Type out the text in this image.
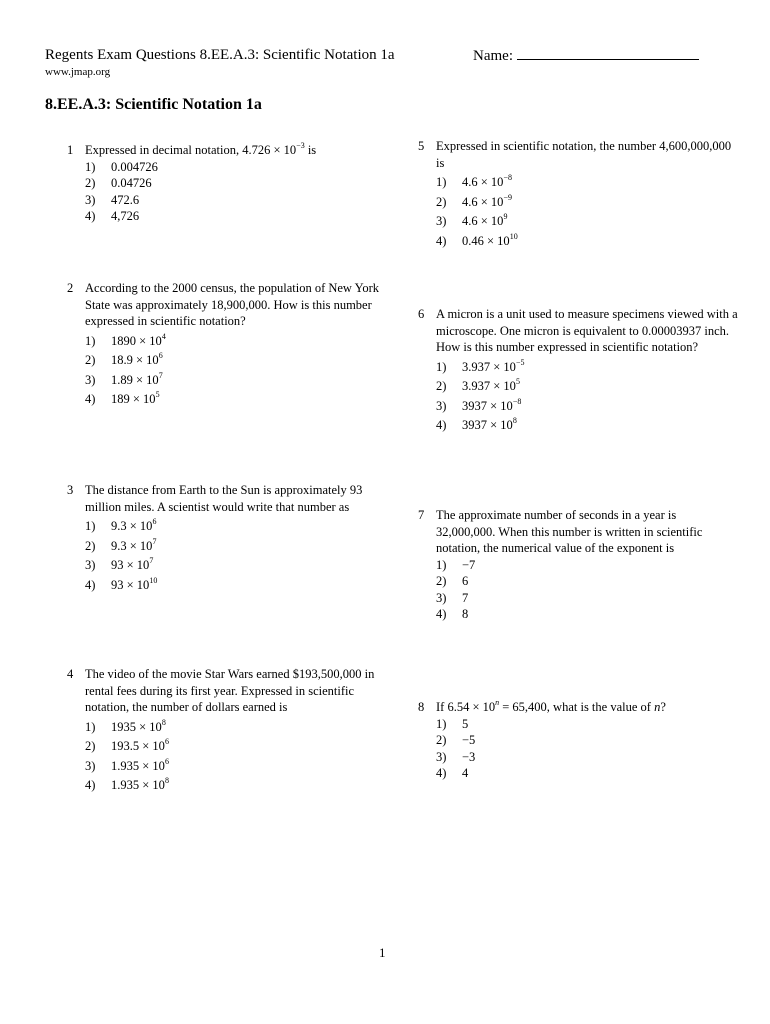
Regents Exam Questions 8.EE.A.3: Scientific Notation 1a
www.jmap.org
Name:
8.EE.A.3: Scientific Notation 1a
1 Expressed in decimal notation, $4.726 \times 10^{-3}$ is
1)	0.004726
2)	0.04726
3)	472.6
4)	4,726
2 According to the 2000 census, the population of New York State was approximately 18,900,000. How is this number expressed in scientific notation?
1)	$1890 \times 10^4$
2)	$18.9 \times 10^6$
3)	$1.89 \times 10^7$
4)	$189 \times 10^5$
3 The distance from Earth to the Sun is approximately 93 million miles. A scientist would write that number as
1)	$9.3 \times 10^6$
2)	$9.3 \times 10^7$
3)	$93 \times 10^7$
4)	$93 \times 10^{10}$
4 The video of the movie Star Wars earned $193,500,000 in rental fees during its first year. Expressed in scientific notation, the number of dollars earned is
1)	$1935 \times 10^8$
2)	$193.5 \times 10^6$
3)	$1.935 \times 10^6$
4)	$1.935 \times 10^8$
5 Expressed in scientific notation, the number 4,600,000,000 is
1)	$4.6 \times 10^{-8}$
2)	$4.6 \times 10^{-9}$
3)	$4.6 \times 10^9$
4)	$0.46 \times 10^{10}$
6 A micron is a unit used to measure specimens viewed with a microscope. One micron is equivalent to 0.00003937 inch. How is this number expressed in scientific notation?
1)	$3.937 \times 10^{-5}$
2)	$3.937 \times 10^5$
3)	$3937 \times 10^{-8}$
4)	$3937 \times 10^8$
7 The approximate number of seconds in a year is 32,000,000. When this number is written in scientific notation, the numerical value of the exponent is
1)	−7
2)	6
3)	7
4)	8
8 If $6.54 \times 10^n = 65,400$, what is the value of n?
1)	5
2)	−5
3)	−3
4)	4
1
